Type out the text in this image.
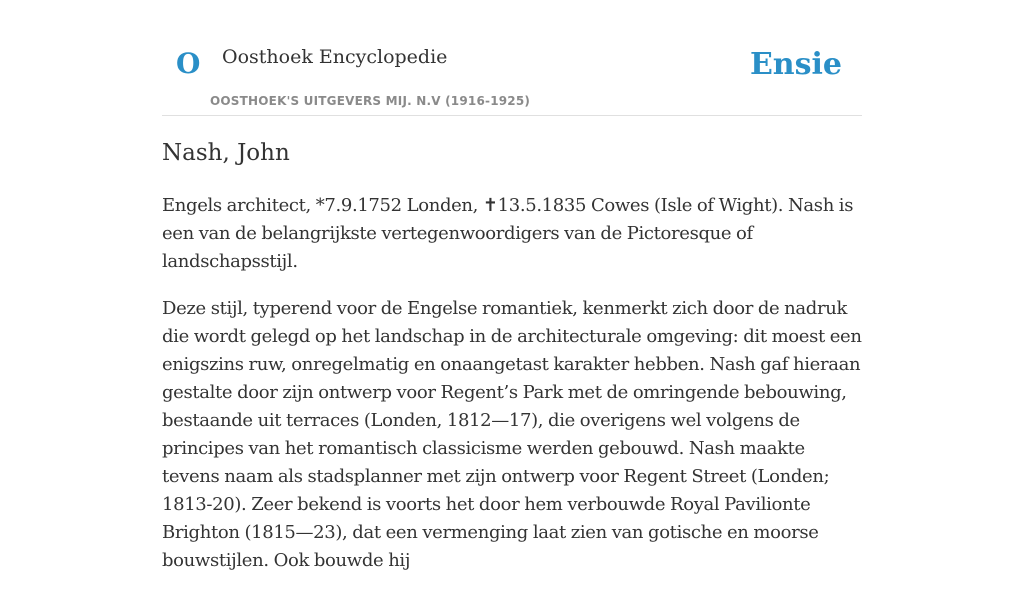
O Oosthoek Encyclopedie
OOSTHOEK'S UITGEVERS MIJ. N.V (1916-1925)
Ensie
Nash, John

Engels architect, *7.9.1752 Londen, ✝13.5.1835 Cowes (Isle of Wight). Nash is een van de belangrijkste vertegenwoordigers van de Pictoresque of landschapsstijl.

Deze stijl, typerend voor de Engelse romantiek, kenmerkt zich door de nadruk die wordt gelegd op het landschap in de architecturale omgeving: dit moest een enigszins ruw, onregelmatig en onaangetast karakter hebben. Nash gaf hieraan gestalte door zijn ontwerp voor Regent’s Park met de omringende bebouwing, bestaande uit terraces (Londen, 1812—17), die overigens wel volgens de principes van het romantisch classicisme werden gebouwd. Nash maakte tevens naam als stadsplanner met zijn ontwerp voor Regent Street (Londen; 1813-20). Zeer bekend is voorts het door hem verbouwde Royal Pavilionte Brighton (1815—23), dat een vermenging laat zien van gotische en moorse bouwstijlen. Ook bouwde hij
